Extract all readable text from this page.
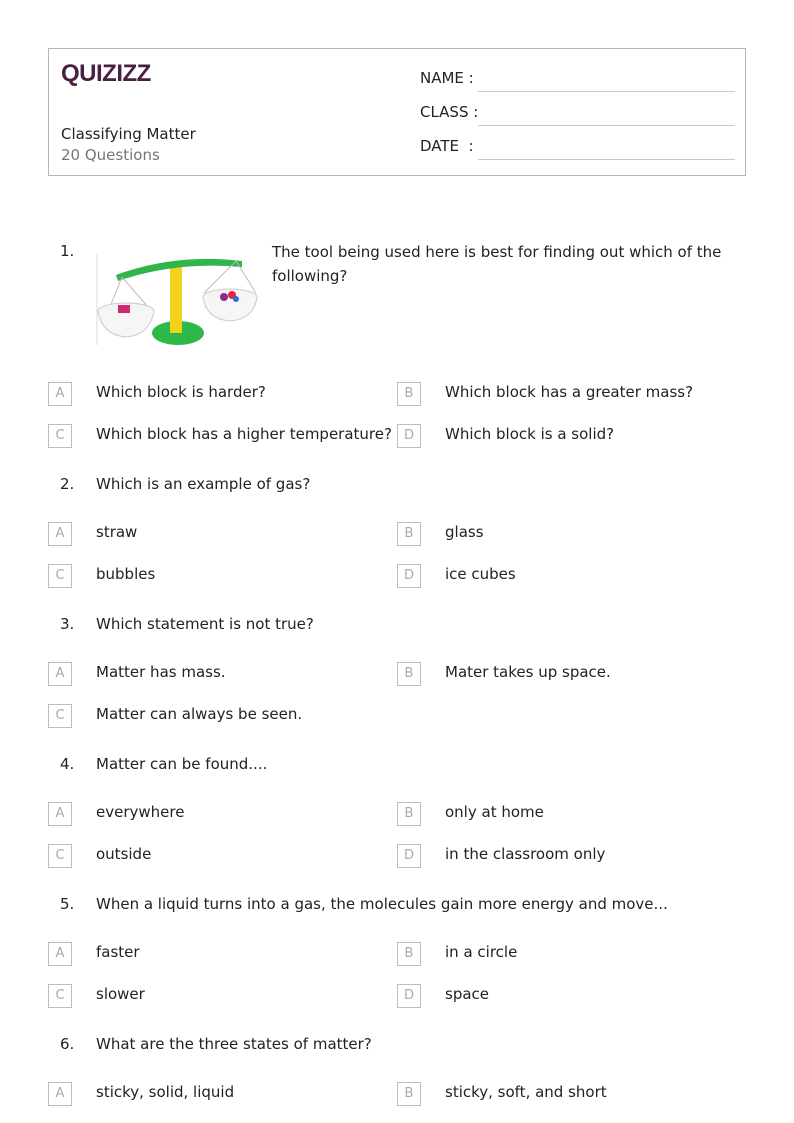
QUIZIZZ
Classifying Matter
20 Questions
NAME :
CLASS :
DATE  :
1.	The tool being used here is best for finding out which of the following?
A	Which block is harder?	B	Which block has a greater mass?
C	Which block has a higher temperature? D	Which block is a solid?
2.	Which is an example of gas?
A	straw	B	glass
C	bubbles	D	ice cubes
3.	Which statement is not true?
A	Matter has mass.	B	Mater takes up space.
C	Matter can always be seen.
4.	Matter can be found....
A	everywhere	B	only at home
C	outside	D	in the classroom only
5.	When a liquid turns into a gas, the molecules gain more energy and move...
A	faster	B	in a circle
C	slower	D	space
6.	What are the three states of matter?
A	sticky, solid, liquid	B	sticky, soft, and short
